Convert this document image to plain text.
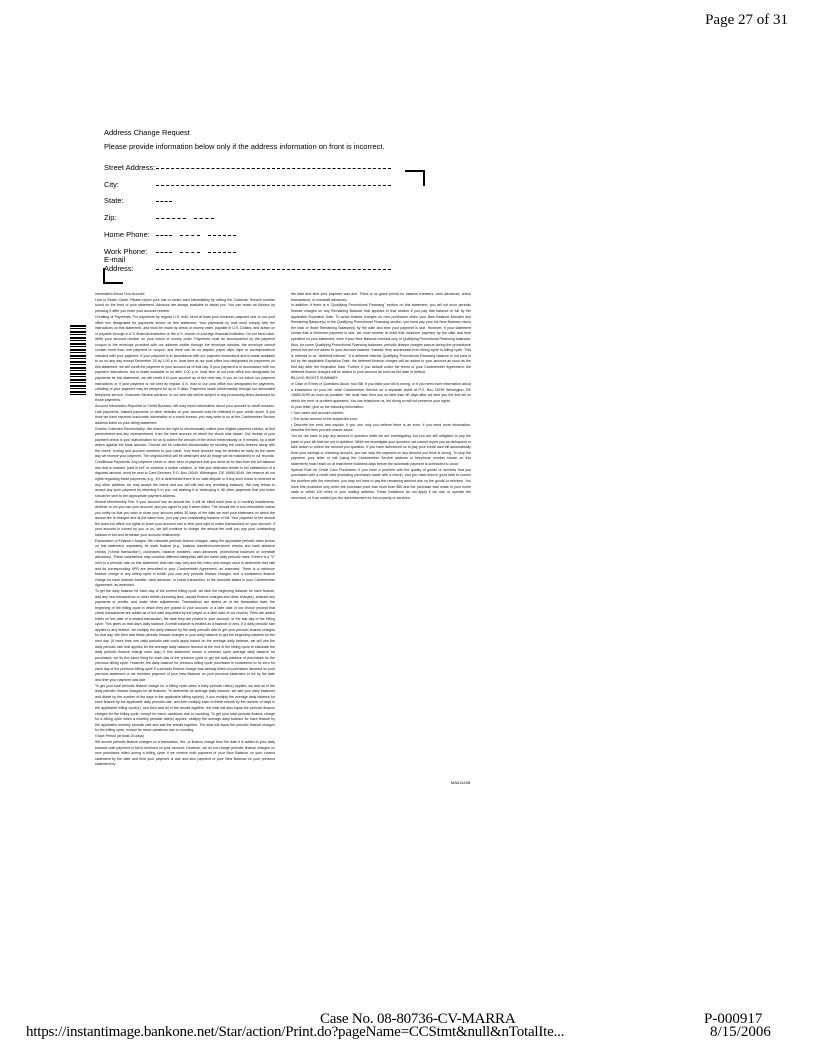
Page 27 of 31
Address Change Request
Please provide information below only if the address information on front is incorrect.
Street Address:
City:
State:
Zip:
Home Phone:
Work Phone:
E-mail Address:

Information About Your Account

Lost or Stolen Cards: Please report your lost or stolen card immediately by calling the Customer Service number found on the front of your statement. Advisors are always available to assist you. You can reach an Advisor by pressing 0 after you enter your account number.

Crediting of Payments: For payments by regular U.S. mail, send at least your minimum payment due to our post office box designated for payments shown on this statement. Your payments by mail must comply with the instructions on this statement, and must be made by check or money order, payable in U.S. Dollars, and drawn on or payable through a U.S. financial institution or the U.S. branch of a foreign financial institution. Do not send cash. Write your account number on your check or money order. Payments must be accompanied by the payment coupon in the envelope provided with our address visible through the envelope window; the envelope cannot contain more than one payment or coupon, and there can be no staples, paper clips, tape or correspondence included with your payment. If your payment is in accordance with our payment instructions and is made available to us on any day except December 25 by 1:00 p.m. local time at our post office box designated for payments on this statement, we will credit the payment to your account as of that day. If your payment is in accordance with our payment instructions, but is made available to us after 1:00 p.m. local time at our post office box designated for payments as this statement, we will credit it to your account as of the next day. If you do not follow our payment instructions or if your payment is not sent by regular U.S. mail to our post office box designated for payments, crediting of your payment may be delayed for up to 5 days. Payments made electronically through our automated telephone service, Customer Service advisors, or our web site will be subject to any processing times disclosed for those payments.

Account Information Reported to Credit Bureaus: We may report information about your account to credit bureaus. Late payments, missed payments or other defaults on your account may be reflected in your credit report. If you think we have reported inaccurate information to a credit bureau, you may write to us at the Cardmember Service address listed on your billing statement.

Checks Collected Electronically: We reserve the right to electronically collect your eligible payment checks, at first presentment and any representment, from the bank account on which the check was drawn. Our receipt of your payment check is your authorization for us to collect the amount of the check electronically or, if needed, by a draft drawn against the bank account. Checks will be collected electronically by sending the check amount along with the check, routing and account numbers to your bank. Your bank account may be debited as early as the same day we receive your payment. The original check will be destroyed and an image will be maintained in our records.

Conditional Payments: Any payment check or other form of payment that you send us for less than the full balance due that is marked "paid in full" or contains a similar notation, or that you otherwise tender in full satisfaction of a disputed amount, must be sent to Card Services, P.O. Box 15049, Wilmington, DE 19850-5049. We reserve all our rights regarding these payments (e.g., if it is determined there is no valid dispute or if any such check is received at any other address, we may accept the check and you will still owe any remaining balance). We may refuse to accept any such payment by returning it to you, not cashing it or destroying it. All other payments that you make should be sent to the appropriate payment address.

Annual Membership Fee: If your account has an annual fee, it will be billed each year or in monthly installments, whether or not you use your account, and you agree to pay it when billed. The annual fee is non-refundable unless you notify us that you wish to close your account within 30 days of the date we mail your statement on which the annual fee is charged and at the same time, you pay your outstanding balance in full. Your payment of the annual fee does not affect our rights to close your account and to limit your right to make transactions on your account. If your account is closed by you or us, we will continue to charge the annual fee until you pay your outstanding balance in full and terminate your account relationship.

Explanation of Finance Charges: We calculate periodic finance charges, using the applicable periodic rates shown on this statement, separately for each feature (e.g., balance transfer/convenience checks and cash advance checks ("check transaction"), purchases, balance transfers, cash advances, promotional balances or overdraft advances). These calculations may combine different categories with the same daily periodic rates. If there is a "V" next to a periodic rate on this statement, that rate may vary and the index and margin used to determine that rate and its corresponding APR are described in your Cardmember Agreement, as amended. There is a minimum finance charge in any billing cycle in which you owe any periodic finance charges, and a transaction finance charge for each balance transfer, cash advance, or check transaction, in the amounts stated in your Cardmember Agreement, as amended.

To get the daily balance for each day of the current billing cycle, we take the beginning balance for each feature, add any new transactions or other debits (including fees, unpaid finance charges and other charges), subtract any payments or credits, and make other adjustments. Transactions are added as of the transaction date, the beginning of the billing cycle in which they are posted to your account, or a later date of our choice (except that check transactions are added as of the date deposited by the payee or a later date of our choice). Fees are added either on the date of a related transaction, the date they are posted to your account, or the last day of the billing cycle. This gives us that day's daily balance. A credit balance is treated as a balance of zero. If a daily periodic rate applies to any feature, we multiply the daily balance by the daily periodic rate to get your periodic finance charges for that day. We then add these periodic finance charges to your daily balance to get the beginning balance for the next day. (If more than one daily periodic rate could apply based on the average daily balance, we will use the daily periodic rate that applies for the average daily balance amount at the end of the billing cycle to calculate the daily periodic finance charge each day.) If this statement shows a previous cycle average daily balance for purchases, we do the same thing for each day of the previous cycle to get the daily balance of purchases for the previous billing cycle. However, the daily balance for previous billing cycle purchases is considered to be zero for each day of the previous billing cycle if a periodic finance charge was already billed on purchases itemized on your previous statement or we received payment of your New Balance on your previous statement in full by the date and time your payment was due.

To get your total periodic finance charge for a billing cycle when a daily periodic rate(s) applies, we add all of the daily periodic finance charges for all features. To determine an average daily balance, we add your daily balances and divide by the number of the days in the applicable billing cycle(s). If you multiply the average daily balance for each feature by the applicable daily periodic rate, and then multiply each of these results by the number of days in the applicable billing cycle(s), and then add all of the results together, the total will also equal the periodic finance charges for the billing cycle, except for minor variations due to rounding. To get your total periodic finance charge for a billing cycle when a monthly periodic rate(s) applies, multiply the average daily balance for each feature by the applicable monthly periodic rate and add the results together. The total will equal the periodic finance charges for the billing cycle, except for minor variations due to rounding.

Grace Period (at least 20 days)

We accrue periodic finance charges on a transaction, fee, or finance charge from the date it is added to your daily balance until payment in full is received on your account. However, we do not charge periodic finance charges on new purchases billed during a billing cycle if we receive both payment of your New Balance on your current statement by the date and time your payment is due and also payment of your New Balance on your previous statement by

the date and time your payment was due. There is no grace period for balance transfers, cash advances, check transactions, or overdraft advances.

In addition, if there is a "Qualifying Promotional Financing" section on this statement, you will not incur periodic finance charges on any Remaining Balance that appears in that section if you pay that balance in full by the applicable Expiration Date. To avoid finance charges on new purchases when your New Balance includes any Remaining Balance(s) in the Qualifying Promotional Financing section, you must pay your full New Balance minus the total of those Remaining Balance(s) by the date and time your payment is due. However, if your statement shows that a minimum payment is due, we must receive at least that minimum payment by the date and time specified on your statement, even if your New Balance consists only of Qualifying Promotional Financing balances.

Also, for some Qualifying Promotional Financing balances, periodic finance charges accrue during the promotional period but are not added to your account balance. Instead, they accumulate from billing cycle to billing cycle. This is referred to as "deferred interest." If a deferred interest Qualifying Promotional Financing balance is not paid in full by the applicable Expiration Date, the deferred finance charges will be added to your account as soon as the first day after the Expiration Date. Further, if you default under the terms of your Cardmember Agreement, the deferred finance charges will be added to your account as soon as the date of default.

BILLING RIGHTS SUMMARY

In Case of Errors or Questions About Your Bill: If you think your bill is wrong, or if you need more information about a transaction on your bill, write Cardmember Service on a separate sheet at P.O. Box 15299 Wilmington, DE 19850-5299 as soon as possible. We must hear from you no later than 60 days after we sent you the first bill on which the error or problem appeared. You can telephone us, but doing so will not preserve your rights.

In your letter, give us the following information:

• Your name and account number.

• The dollar amount of the suspected error.

• Describe the error and explain, if you can, why you believe there is an error. If you need more information, describe the item you are unsure about.

You do not have to pay any amount in question while we are investigating, but you are still obligated to pay the parts of your bill that are not in question. While we investigate your question, we cannot report you as delinquent or take action to collect the amount you question. If you have authorized us to pay your credit card bill automatically from your savings or checking account, you can stop the payment on any amount you think is wrong. To stop the payment, your letter or call (using the Cardmember Service address or telephone number shown on this statement) must reach us at least three business days before the automatic payment is scheduled to occur.

Special Rule for Credit Card Purchases: If you have a problem with the quality of goods or services that you purchased with a credit card (excluding purchases made with a check), and you have tried in good faith to correct the problem with the merchant, you may not have to pay the remaining amount due on the goods or services. You have this protection only when the purchase price was more than $50 and the purchase was made in your home state or within 100 miles of your mailing address. These limitations do not apply if we own or operate the merchant, or if we mailed you the advertisement for the property or services.

MA011208
Case No. 08-80736-CV-MARRA
https://instantimage.bankone.net/Star/action/Print.do?pageName=CCStmt&null&nTotalIte...
P-000917
8/15/2006
